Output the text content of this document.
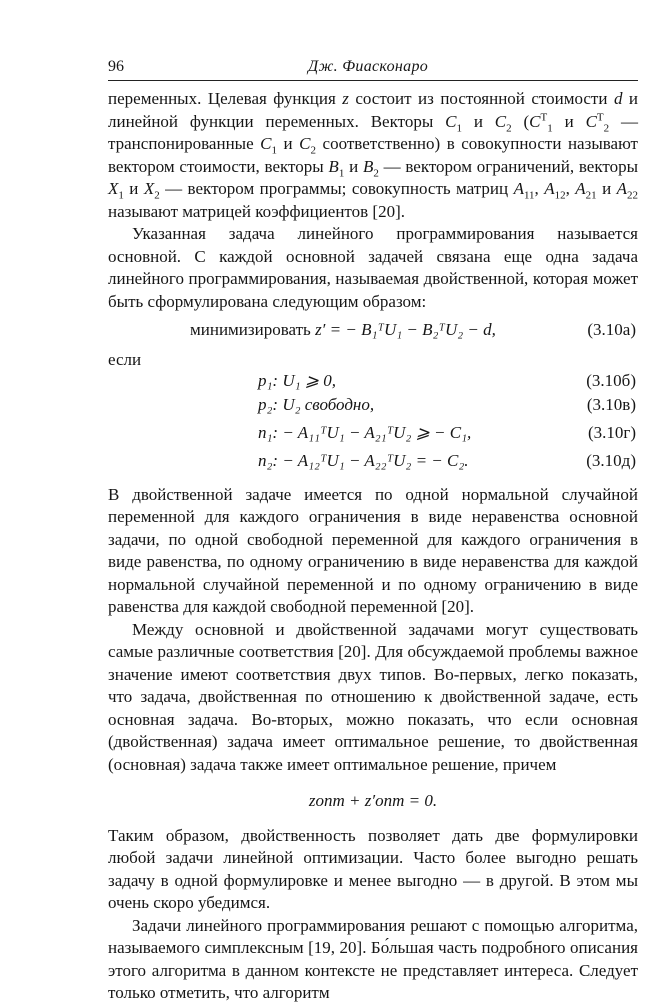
96	Дж. Фиасконаро

переменных. Целевая функция z состоит из постоянной стоимости d и линейной функции переменных. Векторы $C_1$ и $C_2$ ($C^T_1$ и $C^T_2$ — транспонированные $C_1$ и $C_2$ соответственно) в совокупности называют вектором стоимости, векторы $B_1$ и $B_2$ — вектором ограничений, векторы $X_1$ и $X_2$ — вектором программы; совокупность матриц $A_{11}$, $A_{12}$, $A_{21}$ и $A_{22}$ называют матрицей коэффициентов [20].

Указанная задача линейного программирования называется основной. С каждой основной задачей связана еще одна задача линейного программирования, называемая двойственной, которая может быть сформулирована следующим образом:

минимизировать z′ = − B₁ᵀU₁ − B₂ᵀU₂ − d,	(3.10а)

если

p₁: U₁ ⩾ 0,	(3.10б)
p₂: U₂ свободно,	(3.10в)
n₁: − A₁₁ᵀU₁ − A₂₁ᵀU₂ ⩾ − C₁,	(3.10г)
n₂: − A₁₂ᵀU₁ − A₂₂ᵀU₂ = − C₂.	(3.10д)

В двойственной задаче имеется по одной нормальной случайной переменной для каждого ограничения в виде неравенства основной задачи, по одной свободной переменной для каждого ограничения в виде равенства, по одному ограничению в виде неравенства для каждой нормальной случайной переменной и по одному ограничению в виде равенства для каждой свободной переменной [20].

Между основной и двойственной задачами могут существовать самые различные соответствия [20]. Для обсуждаемой проблемы важное значение имеют соответствия двух типов. Во-первых, легко показать, что задача, двойственная по отношению к двойственной задаче, есть основная задача. Во-вторых, можно показать, что если основная (двойственная) задача имеет оптимальное решение, то двойственная (основная) задача также имеет оптимальное решение, причем

zопт + z′опт = 0.

Таким образом, двойственность позволяет дать две формулировки любой задачи линейной оптимизации. Часто более выгодно решать задачу в одной формулировке и менее выгодно — в другой. В этом мы очень скоро убедимся.

Задачи линейного программирования решают с помощью алгоритма, называемого симплексным [19, 20]. Бо́льшая часть подробного описания этого алгоритма в данном контексте не представляет интереса. Следует только отметить, что алгоритм
